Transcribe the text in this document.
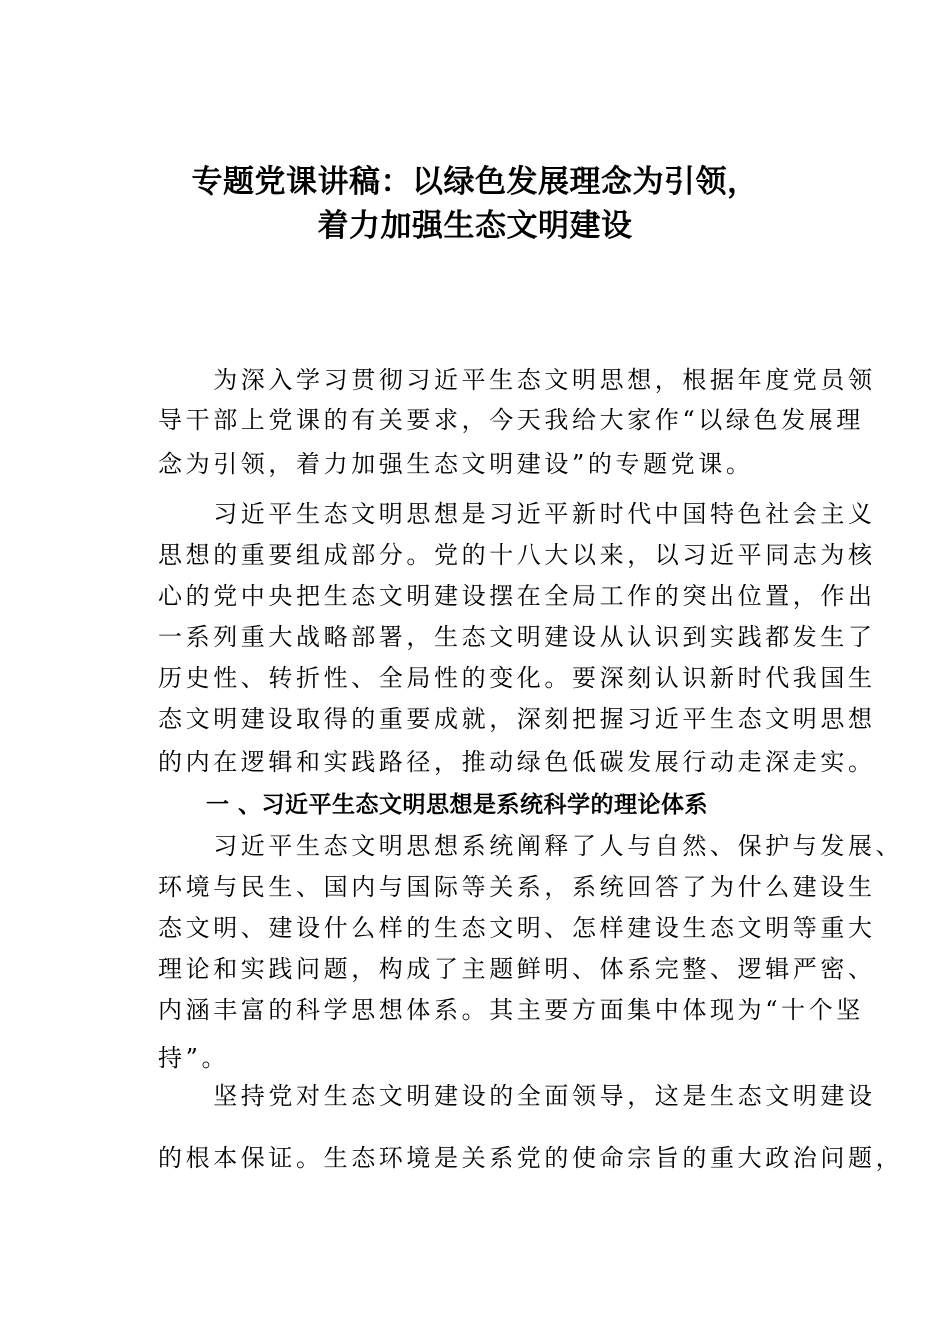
专题党课讲稿：以绿色发展理念为引领，
着力加强生态文明建设
　　为深入学习贯彻习近平生态文明思想，根据年度党员领
导干部上党课的有关要求，今天我给大家作“以绿色发展理
念为引领，着力加强生态文明建设”的专题党课。
　　习近平生态文明思想是习近平新时代中国特色社会主义
思想的重要组成部分。党的十八大以来，以习近平同志为核
心的党中央把生态文明建设摆在全局工作的突出位置，作出
一系列重大战略部署，生态文明建设从认识到实践都发生了
历史性、转折性、全局性的变化。要深刻认识新时代我国生
态文明建设取得的重要成就，深刻把握习近平生态文明思想
的内在逻辑和实践路径，推动绿色低碳发展行动走深走实。
一 、习近平生态文明思想是系统科学的理论体系
　　习近平生态文明思想系统阐释了人与自然、保护与发展、
环境与民生、国内与国际等关系，系统回答了为什么建设生
态文明、建设什么样的生态文明、怎样建设生态文明等重大
理论和实践问题，构成了主题鲜明、体系完整、逻辑严密、
内涵丰富的科学思想体系。其主要方面集中体现为“十个坚
持”。
　　坚持党对生态文明建设的全面领导，这是生态文明建设
的根本保证。生态环境是关系党的使命宗旨的重大政治问题，
